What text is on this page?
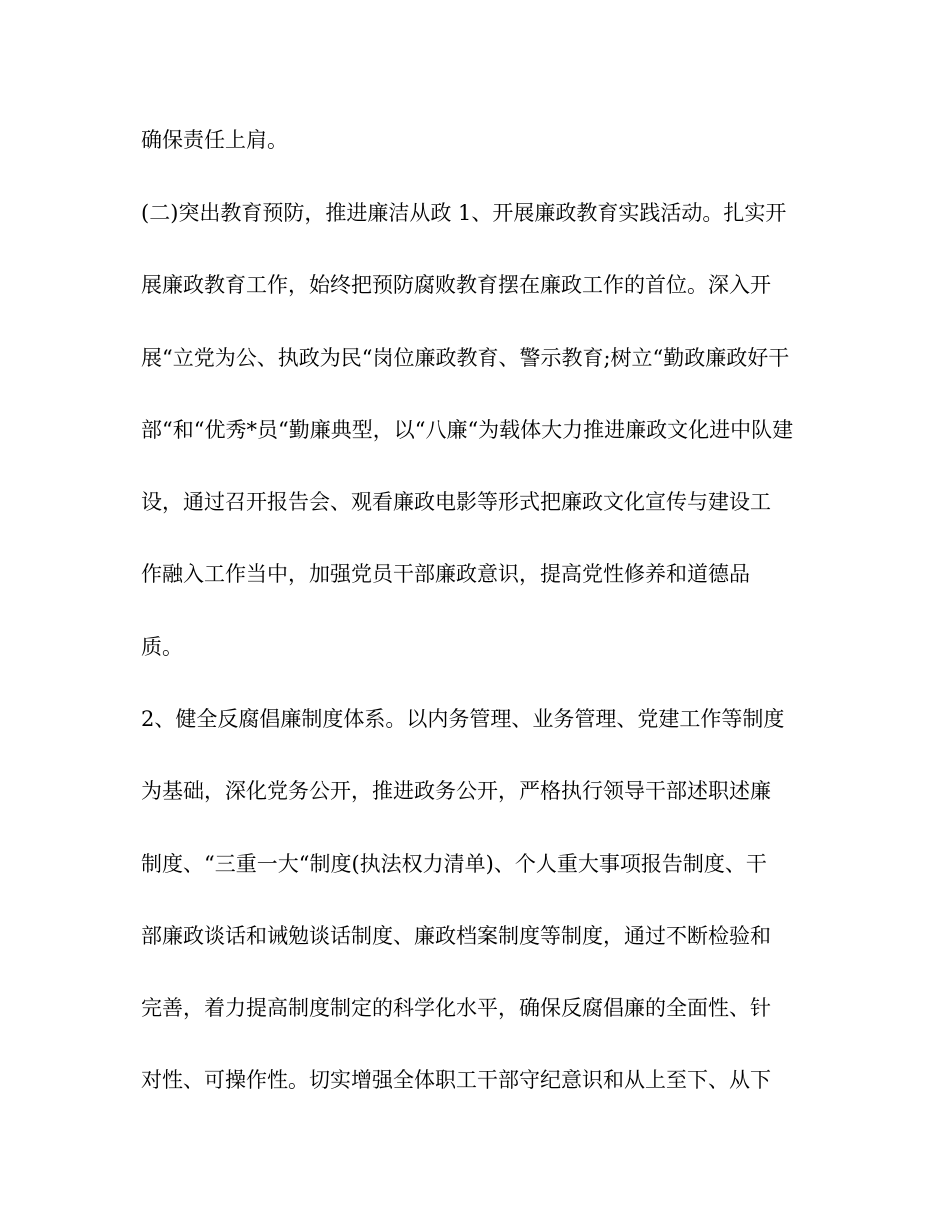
确保责任上肩。
(二)突出教育预防，推进廉洁从政 1、开展廉政教育实践活动。扎实开
展廉政教育工作，始终把预防腐败教育摆在廉政工作的首位。深入开
展“立党为公、执政为民“岗位廉政教育、警示教育;树立“勤政廉政好干
部“和“优秀*员“勤廉典型，以“八廉“为载体大力推进廉政文化进中队建
设，通过召开报告会、观看廉政电影等形式把廉政文化宣传与建设工
作融入工作当中，加强党员干部廉政意识，提高党性修养和道德品
质。
2、健全反腐倡廉制度体系。以内务管理、业务管理、党建工作等制度
为基础，深化党务公开，推进政务公开，严格执行领导干部述职述廉
制度、“三重一大“制度(执法权力清单)、个人重大事项报告制度、干
部廉政谈话和诫勉谈话制度、廉政档案制度等制度，通过不断检验和
完善，着力提高制度制定的科学化水平，确保反腐倡廉的全面性、针
对性、可操作性。切实增强全体职工干部守纪意识和从上至下、从下
